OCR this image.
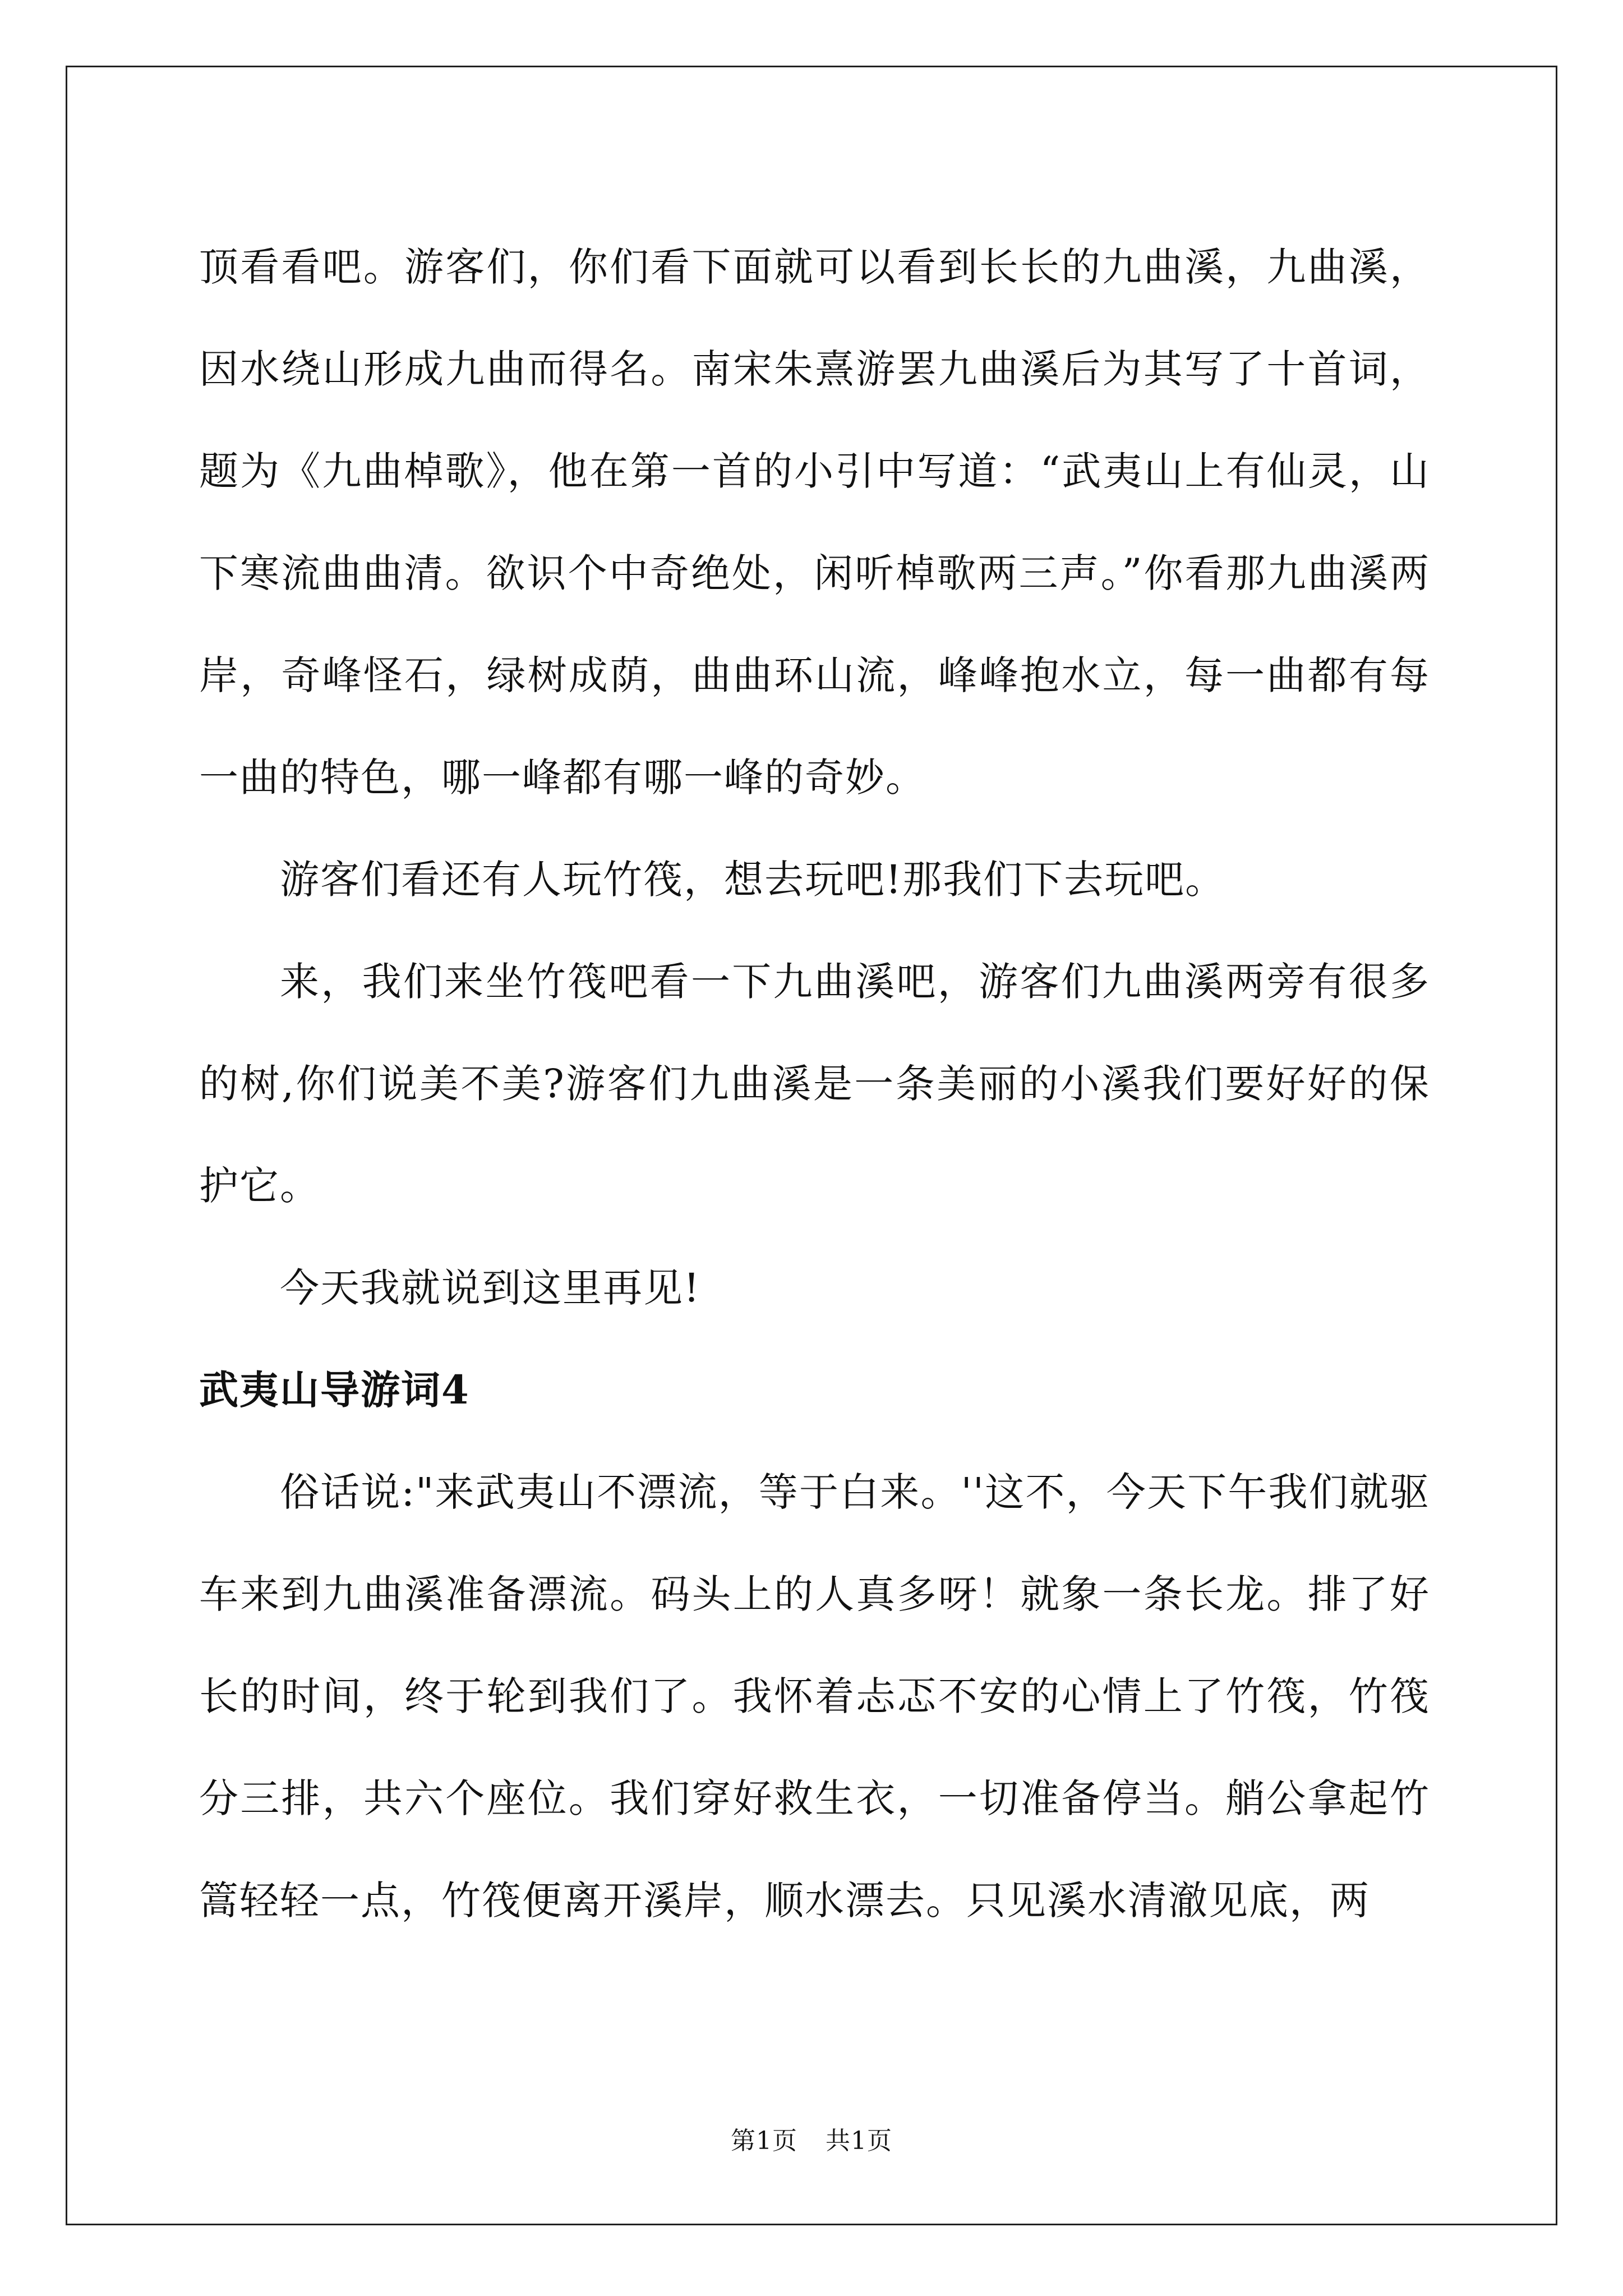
顶看看吧。游客们，你们看下面就可以看到长长的九曲溪，九曲溪，因水绕山形成九曲而得名。南宋朱熹游罢九曲溪后为其写了十首词，题为《九曲棹歌》，他在第一首的小引中写道：“武夷山上有仙灵，山下寒流曲曲清。欲识个中奇绝处，闲听棹歌两三声。”你看那九曲溪两岸，奇峰怪石，绿树成荫，曲曲环山流，峰峰抱水立，每一曲都有每一曲的特色，哪一峰都有哪一峰的奇妙。

游客们看还有人玩竹筏，想去玩吧!那我们下去玩吧。

来，我们来坐竹筏吧看一下九曲溪吧，游客们九曲溪两旁有很多的树,你们说美不美?游客们九曲溪是一条美丽的小溪我们要好好的保护它。

今天我就说到这里再见!

武夷山导游词4

俗话说:"来武夷山不漂流，等于白来。''这不，今天下午我们就驱车来到九曲溪准备漂流。码头上的人真多呀！就象一条长龙。排了好长的时间，终于轮到我们了。我怀着忐忑不安的心情上了竹筏，竹筏分三排，共六个座位。我们穿好救生衣，一切准备停当。艄公拿起竹篙轻轻一点，竹筏便离开溪岸，顺水漂去。只见溪水清澈见底，两

第1页 共1页
